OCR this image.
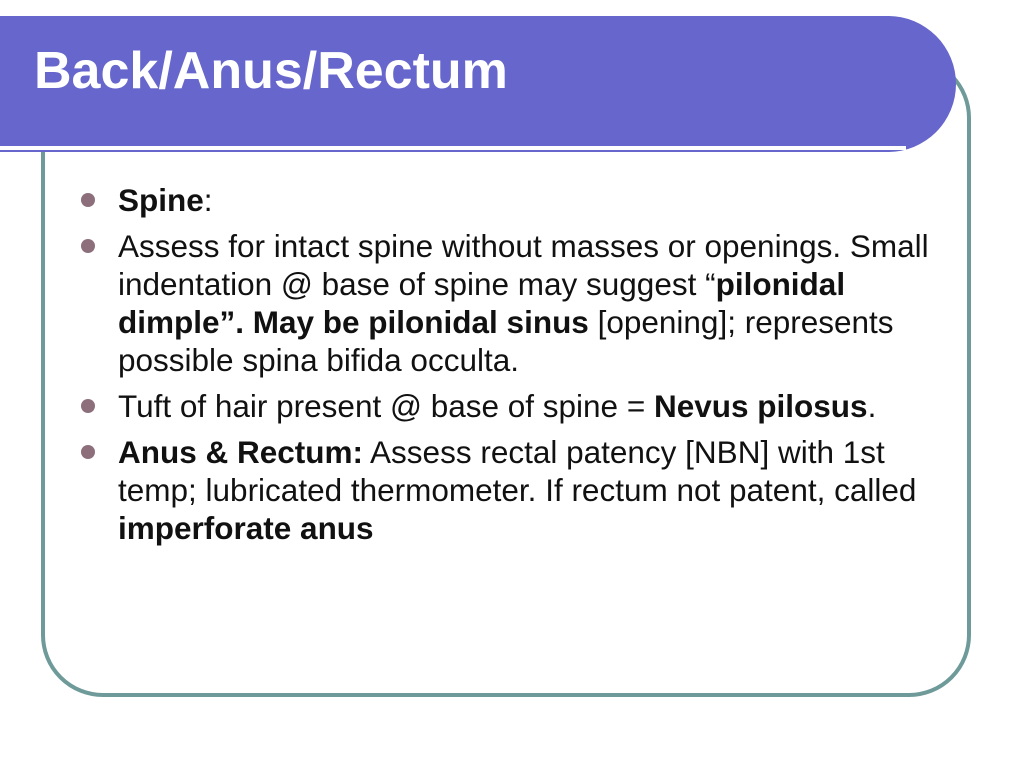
Back/Anus/Rectum
Spine:
Assess for intact spine without masses or openings. Small indentation @ base of spine may suggest “pilonidal dimple”. May be pilonidal sinus [opening]; represents possible spina bifida occulta.
Tuft of hair present @ base of spine = Nevus pilosus.
Anus & Rectum: Assess rectal patency [NBN] with 1st temp; lubricated thermometer. If rectum not patent, called imperforate anus
